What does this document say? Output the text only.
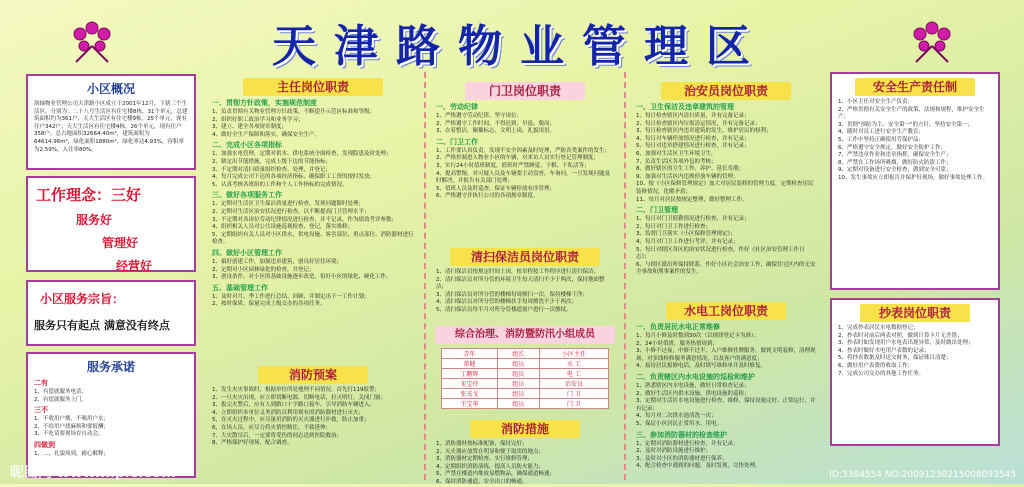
天津路物业管理区
小区概况
洛轴物业管理公司天津路小区成立于2001年12月，下辖三个生活区，分别为：二十八号生活区有住宅楼8栋，31个单元，总建筑面积约为361户；天大生活区有住宅楼9栋，25个单元，现有住户342户；天大生活区有住宅楼4栋，26个单元，现有住户358户。总占地面积32664.40m²，建筑面积为64614.96m²，绿化面积1880m²，绿化率达4.93%，容积率为2.59%，入住率80%。
工作理念：三好
服务好
管理好
经营好
小区服务宗旨：
服务只有起点 满意没有终点
服务承诺
二有
1、有偿就服务电话；
2、有偿就服务上门。
三不
1、不收用户烟，不喝用户水；
2、不给用户找麻烦和要报酬；
3、不吃请要现场存自动会。
四做到
1、…、礼貌周到，耐心解释；
主任岗位职责
一、贯彻方针政策，实施规范制度
1、负责贯彻有关物业管理方针政策，不断提升示范区标准和等级；
2、组织好职工政治学习和业务学习；
3、建立、建全各项规章制度；
4、做好全生产保障和落实，确保安全生产。
二、完成小区各项指标
1、加强水电管理，定期对供水、供电系统全面检查，发现隐患及时处理；
2、制定出节能措施，完成上级下达的节能指标；
3、不定期对清扫质量组织检查、处理，并登记；
4、每月完成公司下达的各项经济指标，确保职工工资的按时发放；
5、认真考核各班组的工作和个人工作指标的完成情况。
三、做好各项服务工作
1、定期对生活区卫生保洁质量进行检查，发现问题限时处理；
2、定期对生活区治安状况进行检查，以不断提高门卫管理水平；
3、不定期对各岗位劳动纪律情况进行检查，并不记录，作为绩效考评参数；
4、组织相关人员对公共设施巡视检查、登记，落实维修；
5、定期组织有关人员对小区供水、供电设施、客害部位、重点部位、消防器材进行检查。
四、做好小区管理工作
1、搞好创建工作，加强违章建筑，创良好居住环境；
2、定期对小区园林绿化的检查，并登记；
3、创设条件，对小区的基础设施逐步改造，恰好小区的绿化、硬化工作。
五、基础管理工作
1、及时对月、季工作进行总结、回顾，并制定出下一工作计划；
2、按时保质、保量完成上级交办的各项任务。
消防预案
1、发生火灾事故时，根据单位所处地理不同情况，首先打119报警；
2、一旦火灾出现，应立即切断电源，切断电话，拉灭明灯，关闭门窗；
3、报完火警后，应有人到路口十字路口接车，引导消防车辆进入；
4、立即组织本单位义务消防员利用现有的消防器材进行灭火；
5、在灭火过程中，应尽量用消防的灭火器进行扑救，防止加重；
6、在场人员，应尽力将火情控制住，不致延伸；
7、大灾散尽后，一定要将受伤的同志送到医院救治；
8、严格保护好现场，配合调查。
门卫岗位职责
一、劳动纪律
1、严格遵守劳动纪律，坚守岗位；
2、严格遵守工作时间，不得迟到、早退、脱岗；
3、衣着整洁，佩戴标志，文明上岗，礼貌用语。
二、门卫工作
1、工作要认真负责，发现不安全因素及时处理，严防各类案件的发生；
2、严格控制进入物业小区的车辆，对来访人员实行登记管理制度；
3、实行24小时值班制度，值班时严禁睡觉、下棋、干私活等；
4、提高警惕，对可疑人员及车辆要主动盘查，车询问，一旦发现问题及时解决，并报告有关部门处理；
5、值班人员及时巡查，保证车辆停放有序管理；
6、严格遵守并执行公司的各项规章制度。
清扫保洁员岗位职责
1、清扫保洁员按规定时间上岗，按章程按工作程序进行清扫保洁；
2、清扫保洁员对所分管的环境卫生每天清扫不少于两次，保持地面整洁；
3、清扫保洁员对所分管的楼梯每周擦扫一次，保持楼梯干净；
4、清扫保洁员对所分管的楼梯扶手每周擦洗不少于两次；
5、清扫保洁员每半月对所分管楼道窗户进行一次擦拭。
综合治理、消防暨防汛小组成员
青年	组长	小区主任
董健	组员	水 工
丁鹏辉	组员	电 工
宋宝玲	组员	治安员
张戎戈	组员	门 卫
王宝华	组员	门 卫
消防措施
1、消防器材按标准配备，保持完好；
2、灭火器应放置在明显和便于取用的地点；
3、消防器材定期检查、实行维修管理；
4、定期组织消防演练，提高人员防火能力；
5、严禁在楼道内堆放易燃物品，确保通道畅通；
6、保持消防通道、安全出口的畅通。
治安员岗位职责
一、卫生保洁及违章建筑的管理
1、每日检查辖区内清扫质量，并有完备记录；
2、每日检查辖区内垃圾清运情况，并有完备记录；
3、每日检查辖区内违章建筑的发生，维护居民的权利；
4、每日对车辆停放情况进行检查，并有记录；
5、每日对违章搭建情况进行检查，并有记录；
6、加强对生活区卫生环境卫生，
7、负责生活区各项外包的考核；
8、做好辖区的卫生工作、养护、延长寿期；
9、加强对生活区内违规停放车辆的管理；
10、按《小区保修管理规定》加大对居民装修的管理力度，定期检查居民装修情况，化解矛盾；
11、每月对居民按规定整理，做好整理工作。
二、门卫管理
1、每日对门卫值勤情况进行检查，并有记录；
2、每日对门卫工作进行检查；
3、监督门卫落实《小区保修管理规定》；
4、每月对门卫工作进行考评，并有记录；
5、每日对辖区各区的治安状况进行检查，作好《社区治安管理工作日志》；
6、与辖区派出所保持联系，作好小区社会治安工作，确保住宅区内的无安全事故和刑事案件的发生。
水电工岗位职责
一、负责居民水电正常维修
1、每月小修及时数到30次（以规律登记卡为准）；
2、24小时值班，服务热情周到；
3、小修不过夜，中修不过半，入户维修挂牌服务，做到文明装修，清理现场，对多线检修服务满意情况，以及客户的满意度；
4、接待居民报修电话，及时填写维修单并及时修复。
二、负责辖区内水电设施的巡检和维护
1、熟悉辖区内水电设施，做好日常检查记录；
2、做好生活区内供水设施、供电设施的巡检；
3、定期对生活区水电设施进行检查、维修，保持设施完好、正常运行，并有记录；
4、每月对二次供水池清洗一次；
5、保证小区居民正常用水、用电。
三、参加消防器材的检查维护
1、定期对消防器材进行检查，并有记录；
2、及时对消防设施进行维护；
3、及时对小区的消防器材进行保养；
4、配合检查中遇到的问题，及时发现，尽快处理。
安全生产责任制
1、小区主任对安全生产负责；
2、严格贯彻有关安全生产的政策、法规和规程，维护安全生产；
3、贯彻"预防为主、安全第一"的方针，坚持安全第一；
4、随时对员工进行安全生产教育；
5、工作中坚持正确使用劳保护品；
6、严格遵守安全规定，做好安全防护工作；
7、严禁违章作业和违章指挥，确保安全生产；
8、严禁在工作场所吸烟，做好防火防盗工作；
9、定期对设备进行安全检查，做到安全可靠；
10、发生事故应立即报告并保护好现场，做好事故处理工作。
抄表岗位职责
1、完成抄表居民水电数据登记；
2、抄表时对前后两表对照，做到计算卡片无差错；
3、抄表时如发现用户水电表出现异常，及时做出处理；
4、抄表时做好水电用户表数的记录；
5、将抄表数据及时送交财务，保证账目清楚；
6、做好用户表费的收取工作；
7、完成公司交办的其他工作任务。
昵图网 www.nipic.com	ID:3384554 NO:20091230215008093545
